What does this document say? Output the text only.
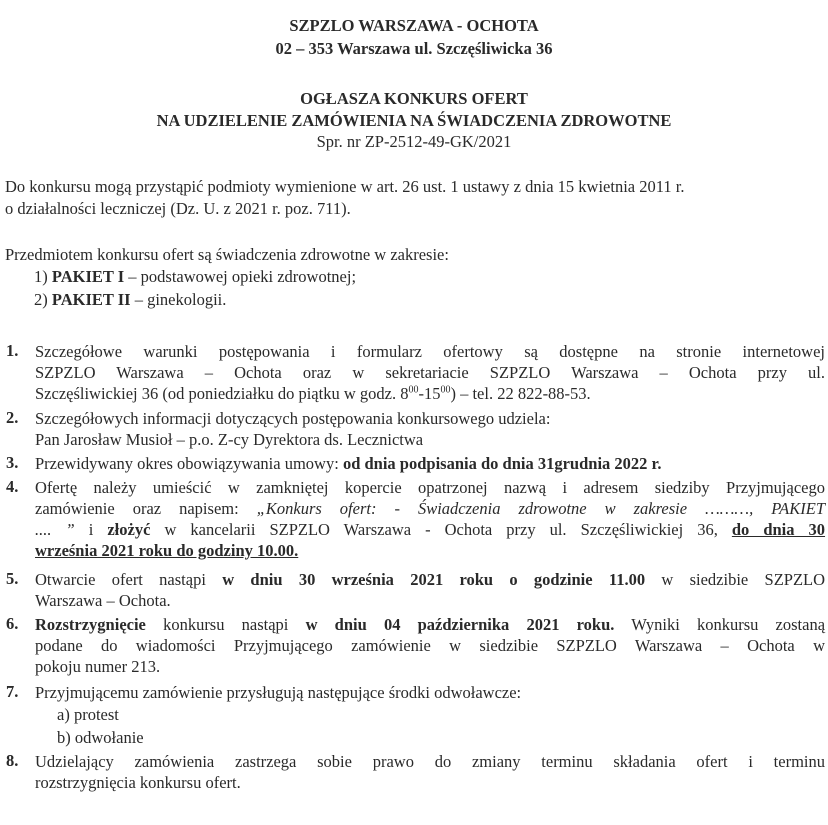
SZPZLO WARSZAWA - OCHOTA
02 – 353 Warszawa ul. Szczęśliwicka 36
OGŁASZA KONKURS OFERT
NA UDZIELENIE ZAMÓWIENIA NA ŚWIADCZENIA ZDROWOTNE
Spr. nr ZP-2512-49-GK/2021
Do konkursu mogą przystąpić podmioty wymienione w art. 26 ust. 1 ustawy z dnia 15 kwietnia 2011 r.
o działalności leczniczej (Dz. U. z 2021 r. poz. 711).
Przedmiotem konkursu ofert są świadczenia zdrowotne w zakresie:
1) PAKIET I – podstawowej opieki zdrowotnej;
2) PAKIET II – ginekologii.
1. Szczegółowe warunki postępowania i formularz ofertowy są dostępne na stronie internetowej
SZPZLO Warszawa – Ochota oraz w sekretariacie SZPZLO Warszawa – Ochota przy ul.
Szczęśliwickiej 36 (od poniedziałku do piątku w godz. $8^{00}-15^{00}$) – tel. 22 822-88-53.
2. Szczegółowych informacji dotyczących postępowania konkursowego udziela:
Pan Jarosław Musioł – p.o. Z-cy Dyrektora ds. Lecznictwa
3. Przewidywany okres obowiązywania umowy: od dnia podpisania do dnia 31grudnia 2022 r.
4. Ofertę należy umieścić w zamkniętej kopercie opatrzonej nazwą i adresem siedziby Przyjmującego
zamówienie oraz napisem: „Konkurs ofert: - Świadczenia zdrowotne w zakresie ………, PAKIET
.... ” i złożyć w kancelarii SZPZLO Warszawa - Ochota przy ul. Szczęśliwickiej 36, do dnia 30
września 2021 roku do godziny 10.00.
5. Otwarcie ofert nastąpi w dniu 30 września 2021 roku o godzinie 11.00 w siedzibie SZPZLO
Warszawa – Ochota.
6. Rozstrzygnięcie konkursu nastąpi w dniu 04 października 2021 roku. Wyniki konkursu zostaną
podane do wiadomości Przyjmującego zamówienie w siedzibie SZPZLO Warszawa – Ochota w
pokoju numer 213.
7. Przyjmującemu zamówienie przysługują następujące środki odwoławcze:
a) protest
b) odwołanie
8. Udzielający zamówienia zastrzega sobie prawo do zmiany terminu składania ofert i terminu
rozstrzygnięcia konkursu ofert.
